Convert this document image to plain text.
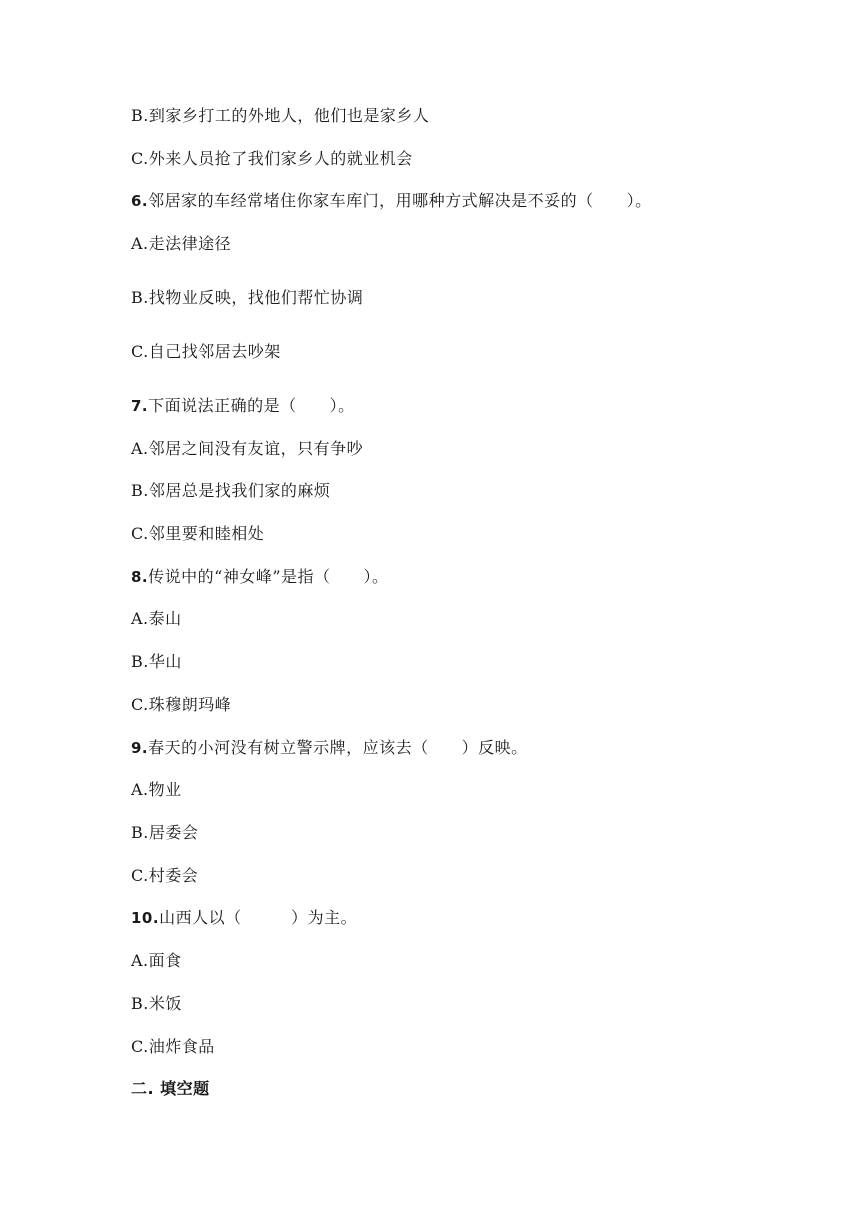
B.到家乡打工的外地人，他们也是家乡人
C.外来人员抢了我们家乡人的就业机会
6.邻居家的车经常堵住你家车库门，用哪种方式解决是不妥的（　　）。
A.走法律途径
B.找物业反映，找他们帮忙协调
C.自己找邻居去吵架
7.下面说法正确的是（　　）。
A.邻居之间没有友谊，只有争吵
B.邻居总是找我们家的麻烦
C.邻里要和睦相处
8.传说中的“神女峰”是指（　　）。
A.泰山
B.华山
C.珠穆朗玛峰
9.春天的小河没有树立警示牌，应该去（　　）反映。
A.物业
B.居委会
C.村委会
10.山西人以（　　　）为主。
A.面食
B.米饭
C.油炸食品
二. 填空题
